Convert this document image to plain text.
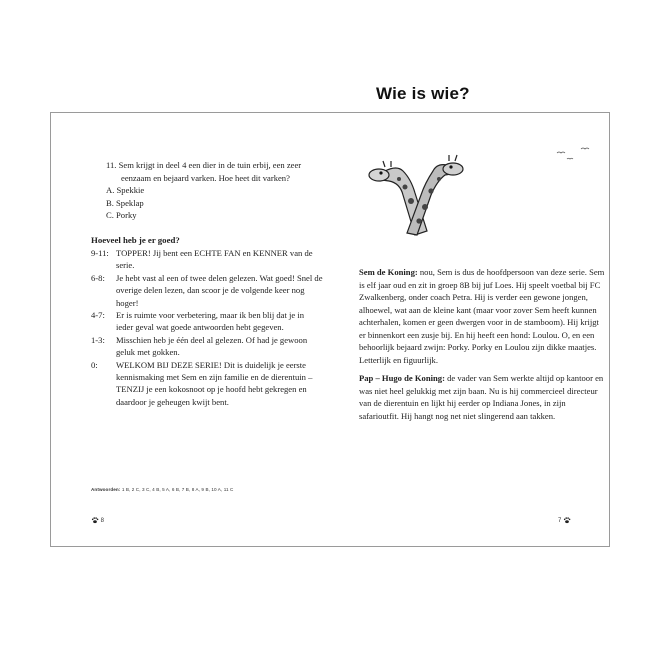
11. Sem krijgt in deel 4 een dier in de tuin erbij, een zeer eenzaam en bejaard varken. Hoe heet dit varken?
A. Spekkie
B. Speklap
C. Porky
Hoeveel heb je er goed?
9-11: TOPPER! Jij bent een ECHTE FAN en KENNER van de serie.
6-8:	Je hebt vast al een of twee delen gelezen. Wat goed! Snel de overige delen lezen, dan scoor je de volgende keer nog hoger!
4-7:	Er is ruimte voor verbetering, maar ik ben blij dat je in ieder geval wat goede antwoorden hebt gegeven.
1-3:	Misschien heb je één deel al gelezen. Of had je gewoon geluk met gokken.
0:	WELKOM BIJ DEZE SERIE! Dit is duidelijk je eerste kennismaking met Sem en zijn familie en de dierentuin – TENZIJ je een kokosnoot op je hoofd hebt gekregen en daardoor je geheugen kwijt bent.
Antwoorden: 1 B, 2 C, 3 C, 4 B, 5 A, 6 B, 7 B, 8 A, 9 B, 10 A, 11 C
8

Sem de Koning: nou, Sem is dus de hoofdpersoon van deze serie. Sem is elf jaar oud en zit in groep 8B bij juf Loes. Hij speelt voetbal bij FC Zwalkenberg, onder coach Petra. Hij is verder een gewone jongen, alhoewel, wat aan de kleine kant (maar voor zover Sem heeft kunnen achterhalen, komen er geen dwergen voor in de stamboom). Hij krijgt er binnenkort een zusje bij. En hij heeft een hond: Loulou. O, en een behoorlijk bejaard zwijn: Porky. Porky en Loulou zijn dikke maatjes. Letterlijk en figuurlijk.

Pap – Hugo de Koning: de vader van Sem werkte altijd op kantoor en was niet heel gelukkig met zijn baan. Nu is hij commercieel directeur van de dierentuin en lijkt hij eerder op Indiana Jones, in zijn safarioutfit. Hij hangt nog net niet slingerend aan takken.

7
Wie is wie?
